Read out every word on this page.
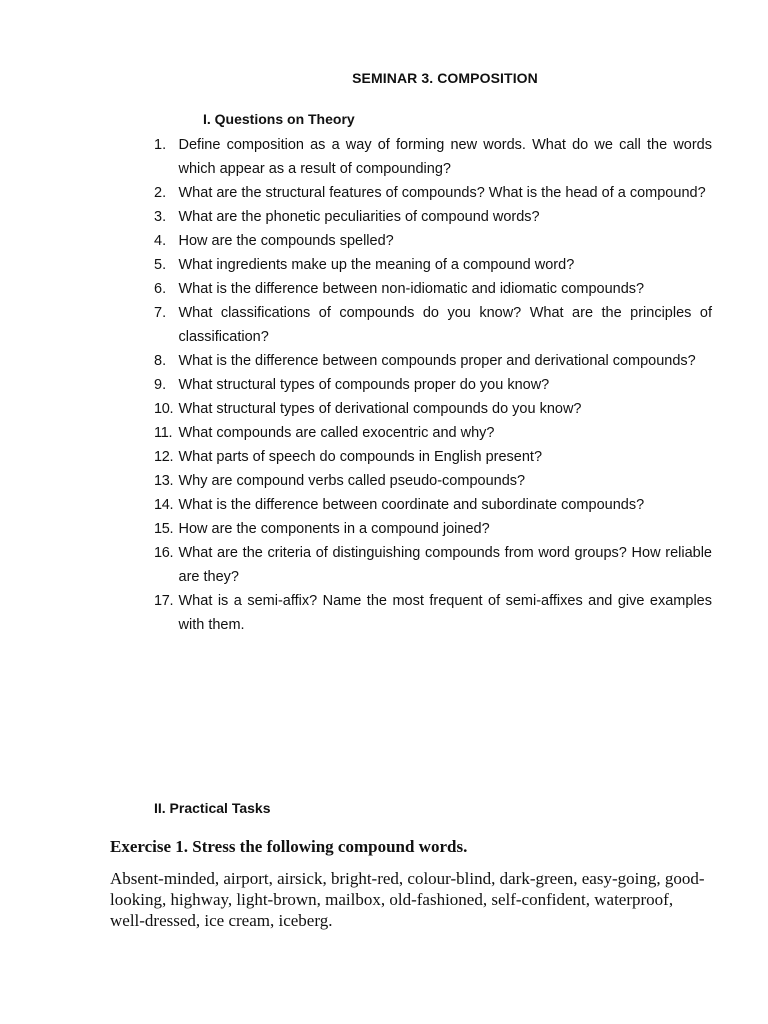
SEMINAR 3. COMPOSITION
I. Questions on Theory
1. Define composition as a way of forming new words. What do we call the words which appear as a result of compounding?
2. What are the structural features of compounds? What is the head of a compound?
3. What are the phonetic peculiarities of compound words?
4. How are the compounds spelled?
5. What ingredients make up the meaning of a compound word?
6. What is the difference between non-idiomatic and idiomatic compounds?
7. What classifications of compounds do you know? What are the principles of classification?
8. What is the difference between compounds proper and derivational compounds?
9. What structural types of compounds proper do you know?
10. What structural types of derivational compounds do you know?
11. What compounds are called exocentric and why?
12. What parts of speech do compounds in English present?
13. Why are compound verbs called pseudo-compounds?
14. What is the difference between coordinate and subordinate compounds?
15. How are the components in a compound joined?
16. What are the criteria of distinguishing compounds from word groups? How reliable are they?
17. What is a semi-affix? Name the most frequent of semi-affixes and give examples with them.
II. Practical Tasks
Exercise 1. Stress the following compound words.
Absent-minded, airport, airsick, bright-red, colour-blind, dark-green, easy-going, good-looking, highway, light-brown, mailbox, old-fashioned, self-confident, waterproof, well-dressed, ice cream, iceberg.
